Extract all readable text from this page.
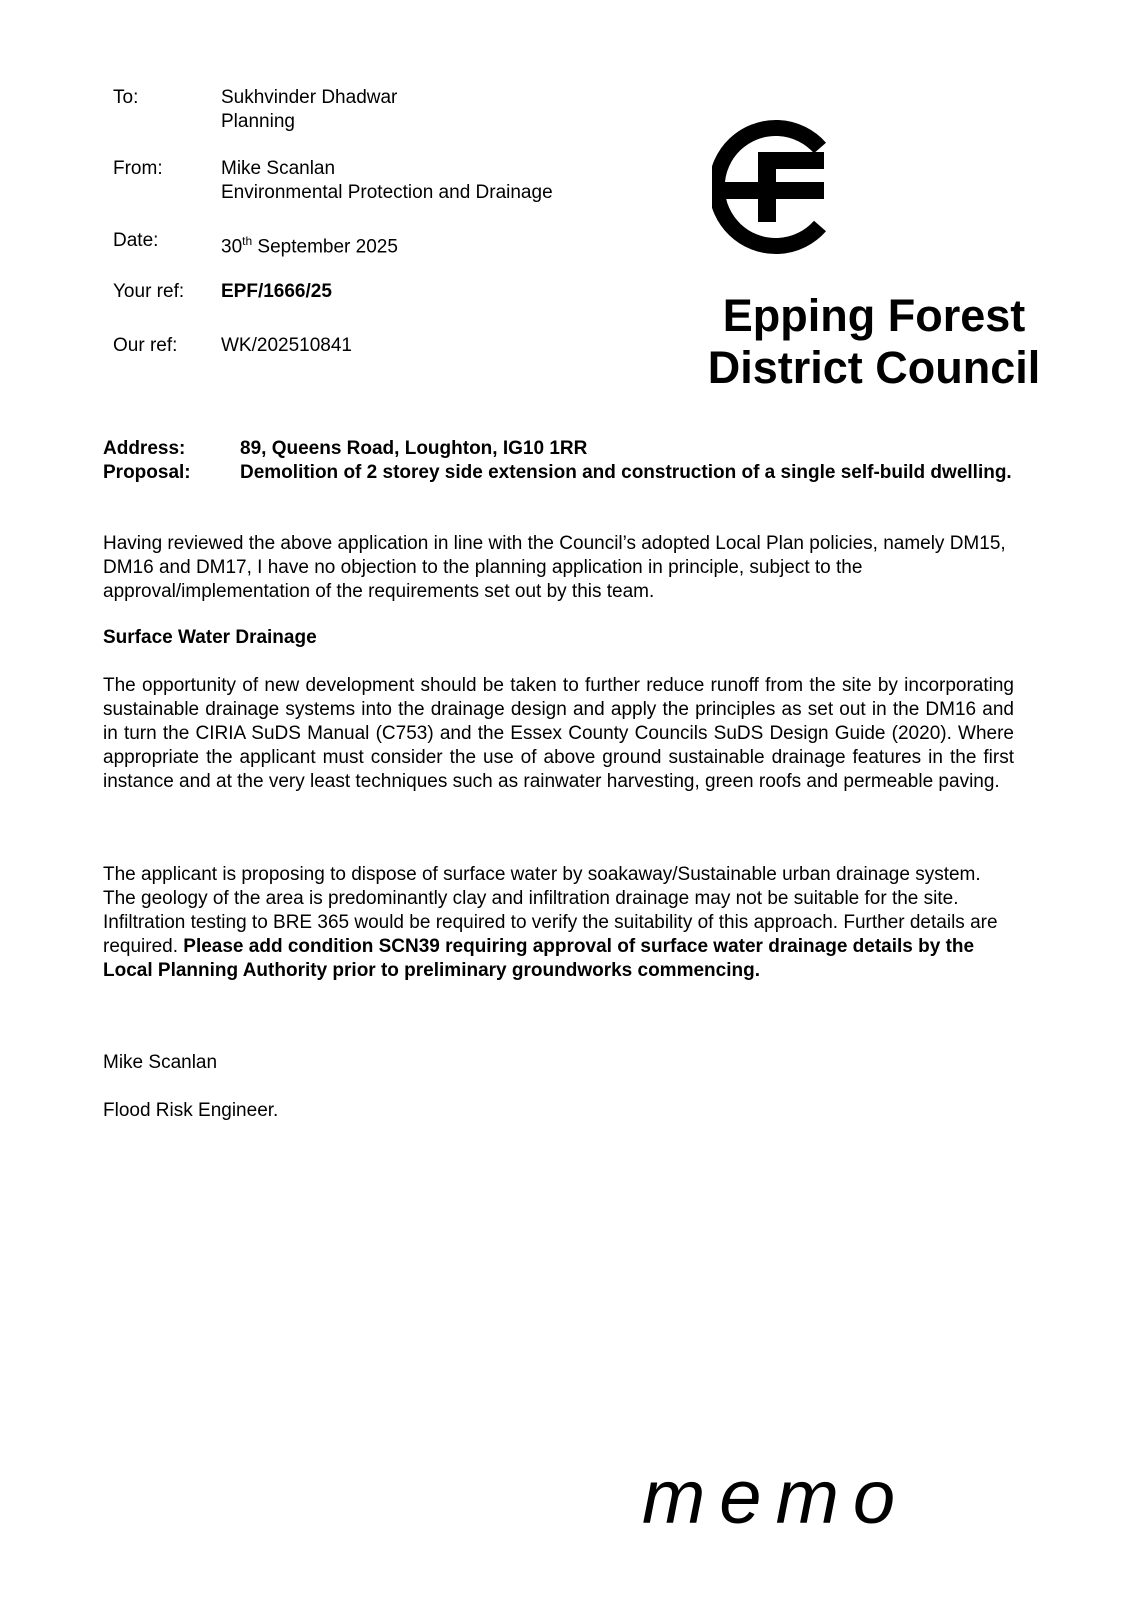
To:	Sukhvinder Dhadwar
Planning
From:	Mike Scanlan
Environmental Protection and Drainage
Date:	30th September 2025
Your ref: EPF/1666/25
Our ref: WK/202510841
Epping Forest
District Council
Address:	89, Queens Road, Loughton, IG10 1RR
Proposal:	Demolition of 2 storey side extension and construction of a single self-build dwelling.

Having reviewed the above application in line with the Council’s adopted Local Plan policies, namely DM15, DM16 and DM17, I have no objection to the planning application in principle, subject to the approval/implementation of the requirements set out by this team.

Surface Water Drainage

The opportunity of new development should be taken to further reduce runoff from the site by incorporating sustainable drainage systems into the drainage design and apply the principles as set out in the DM16 and in turn the CIRIA SuDS Manual (C753) and the Essex County Councils SuDS Design Guide (2020). Where appropriate the applicant must consider the use of above ground sustainable drainage features in the first instance and at the very least techniques such as rainwater harvesting, green roofs and permeable paving.

The applicant is proposing to dispose of surface water by soakaway/Sustainable urban drainage system. The geology of the area is predominantly clay and infiltration drainage may not be suitable for the site. Infiltration testing to BRE 365 would be required to verify the suitability of this approach. Further details are required. Please add condition SCN39 requiring approval of surface water drainage details by the Local Planning Authority prior to preliminary groundworks commencing.

Mike Scanlan
Flood Risk Engineer.
memo
